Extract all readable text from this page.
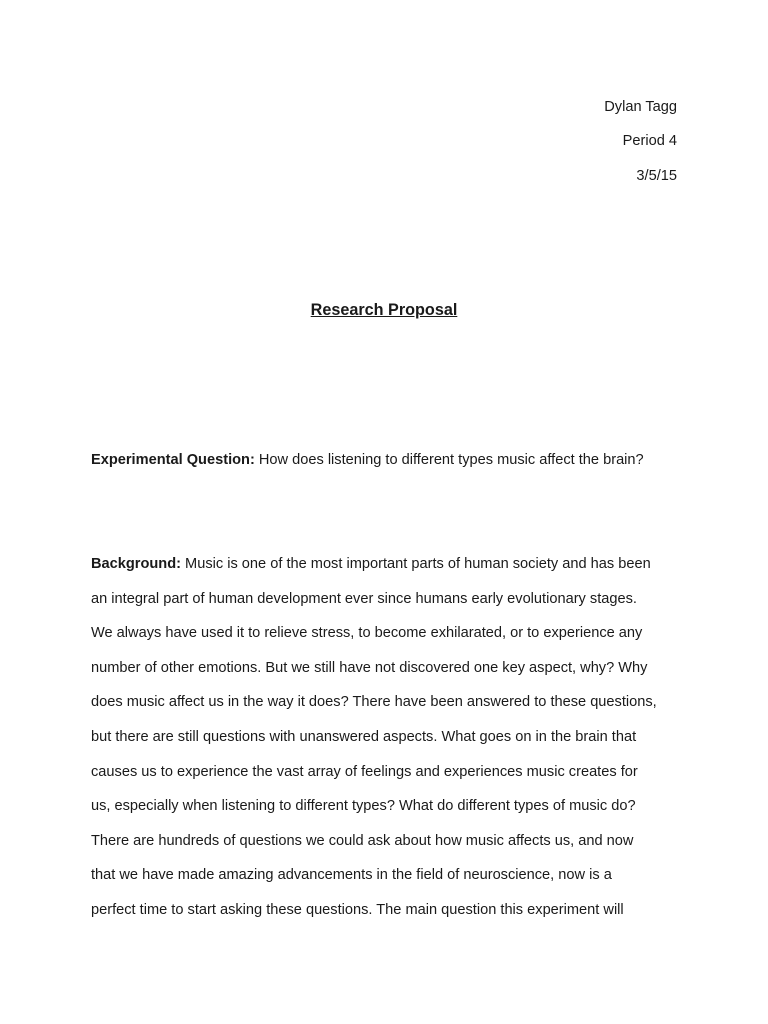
Dylan Tagg
Period 4
3/5/15
Research Proposal
Experimental Question: How does listening to different types music affect the brain?
Background: Music is one of the most important parts of human society and has been
an integral part of human development ever since humans early evolutionary stages.
We always have used it to relieve stress, to become exhilarated, or to experience any
number of other emotions. But we still have not discovered one key aspect, why? Why
does music affect us in the way it does? There have been answered to these questions,
but there are still questions with unanswered aspects. What goes on in the brain that
causes us to experience the vast array of feelings and experiences music creates for
us, especially when listening to different types? What do different types of music do?
There are hundreds of questions we could ask about how music affects us, and now
that we have made amazing advancements in the field of neuroscience, now is a
perfect time to start asking these questions. The main question this experiment will
